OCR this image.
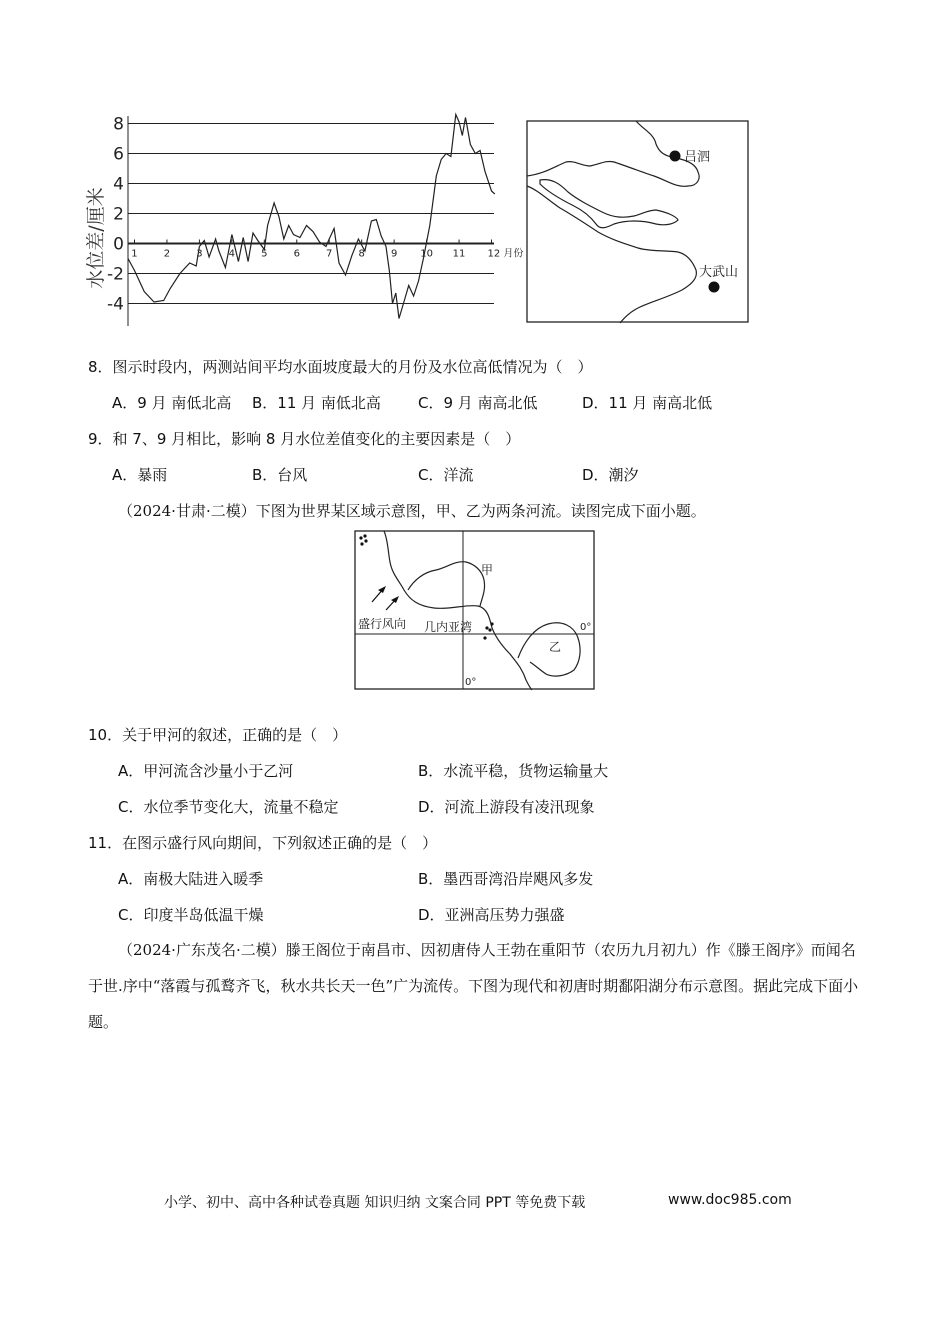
8
6
4
2
0
-2
-4
1	2	3	4	5	6	7	8	9 10 11 12 月份
水位差/厘米
吕泗
大武山
8．图示时段内，两测站间平均水面坡度最大的月份及水位高低情况为（　）
A．9 月 南低北高 B．11 月 南低北高 C．9 月 南高北低	D．11 月 南高北低
9．和 7、9 月相比，影响 8 月水位差值变化的主要因素是（　）
A．暴雨	B．台风	C．洋流	D．潮汐
（2024·甘肃·二模）下图为世界某区域示意图，甲、乙为两条河流。读图完成下面小题。
甲
乙
盛行风向 几内亚湾	0°
0°
10．关于甲河的叙述，正确的是（　）
A．甲河流含沙量小于乙河	B．水流平稳，货物运输量大
C．水位季节变化大，流量不稳定	D．河流上游段有凌汛现象
11．在图示盛行风向期间，下列叙述正确的是（　）
A．南极大陆进入暖季	B．墨西哥湾沿岸飓风多发
C．印度半岛低温干燥	D．亚洲高压势力强盛
（2024·广东茂名·二模）滕王阁位于南昌市、因初唐侍人王勃在重阳节（农历九月初九）作《滕王阁序》而闻名于世.序中“落霞与孤鹜齐飞，秋水共长天一色”广为流传。下图为现代和初唐时期鄱阳湖分布示意图。据此完成下面小题。
小学、初中、高中各种试卷真题 知识归纳 文案合同 PPT 等免费下载	www.doc985.com
